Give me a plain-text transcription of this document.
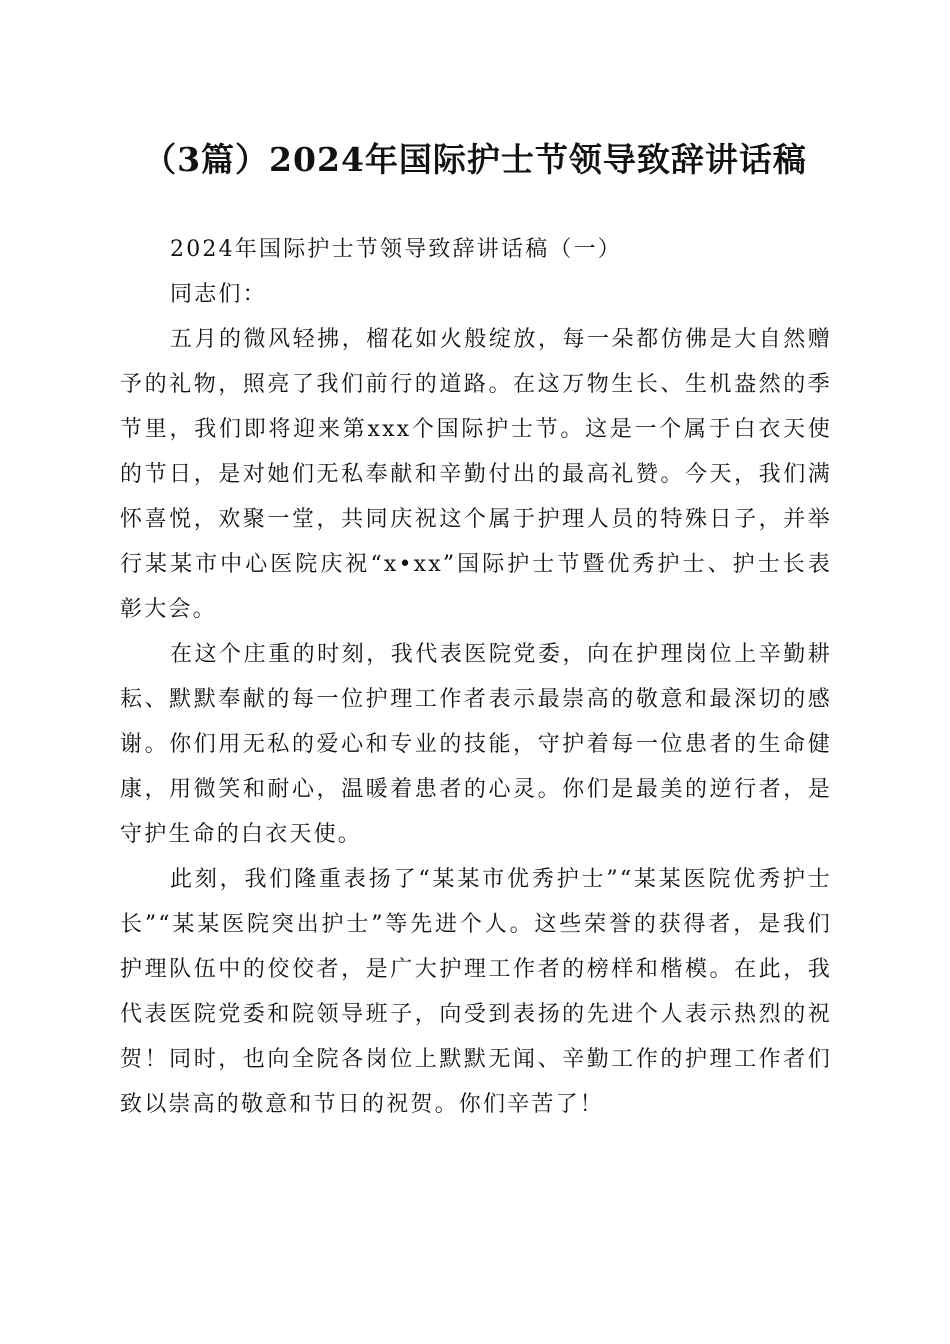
（3篇）2024年国际护士节领导致辞讲话稿

2024年国际护士节领导致辞讲话稿（一）

同志们：

五月的微风轻拂，榴花如火般绽放，每一朵都仿佛是大自然赠予的礼物，照亮了我们前行的道路。在这万物生长、生机盎然的季节里，我们即将迎来第xxx个国际护士节。这是一个属于白衣天使的节日，是对她们无私奉献和辛勤付出的最高礼赞。今天，我们满怀喜悦，欢聚一堂，共同庆祝这个属于护理人员的特殊日子，并举行某某市中心医院庆祝“x•xx”国际护士节暨优秀护士、护士长表彰大会。

在这个庄重的时刻，我代表医院党委，向在护理岗位上辛勤耕耘、默默奉献的每一位护理工作者表示最崇高的敬意和最深切的感谢。你们用无私的爱心和专业的技能，守护着每一位患者的生命健康，用微笑和耐心，温暖着患者的心灵。你们是最美的逆行者，是守护生命的白衣天使。

此刻，我们隆重表扬了“某某市优秀护士”“某某医院优秀护士长”“某某医院突出护士”等先进个人。这些荣誉的获得者，是我们护理队伍中的佼佼者，是广大护理工作者的榜样和楷模。在此，我代表医院党委和院领导班子，向受到表扬的先进个人表示热烈的祝贺！同时，也向全院各岗位上默默无闻、辛勤工作的护理工作者们致以崇高的敬意和节日的祝贺。你们辛苦了！
